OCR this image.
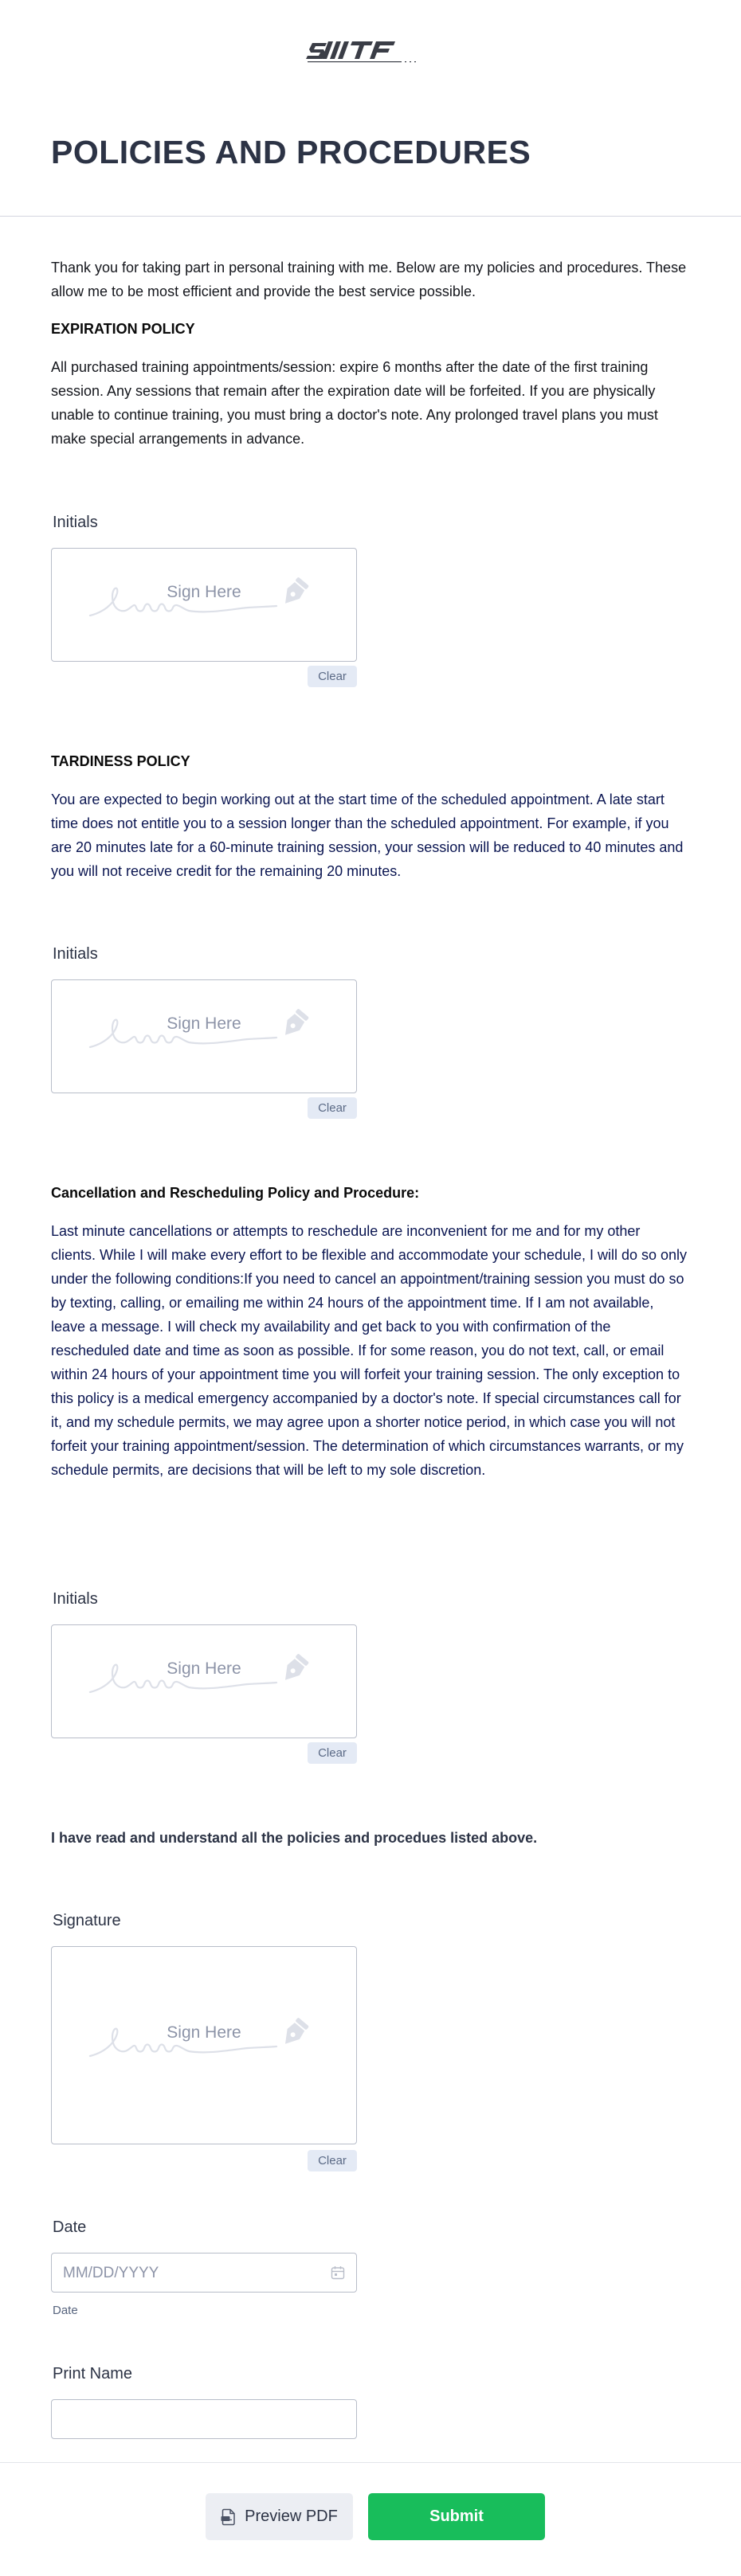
POLICIES AND PROCEDURES

Thank you for taking part in personal training with me. Below are my policies and procedures. These allow me to be most efficient and provide the best service possible.

EXPIRATION POLICY

All purchased training appointments/session: expire 6 months after the date of the first training session. Any sessions that remain after the expiration date will be forfeited. If you are physically unable to continue training, you must bring a doctor's note. Any prolonged travel plans you must make special arrangements in advance.

Initials
Sign Here
Clear
TARDINESS POLICY

You are expected to begin working out at the start time of the scheduled appointment. A late start time does not entitle you to a session longer than the scheduled appointment. For example, if you are 20 minutes late for a 60-minute training session, your session will be reduced to 40 minutes and you will not receive credit for the remaining 20 minutes.

Initials
Sign Here
Clear
Cancellation and Rescheduling Policy and Procedure:

Last minute cancellations or attempts to reschedule are inconvenient for me and for my other clients. While I will make every effort to be flexible and accommodate your schedule, I will do so only under the following conditions:If you need to cancel an appointment/training session you must do so by texting, calling, or emailing me within 24 hours of the appointment time. If I am not available, leave a message. I will check my availability and get back to you with confirmation of the rescheduled date and time as soon as possible. If for some reason, you do not text, call, or email within 24 hours of your appointment time you will forfeit your training session. The only exception to this policy is a medical emergency accompanied by a doctor's note. If special circumstances call for it, and my schedule permits, we may agree upon a shorter notice period, in which case you will not forfeit your training appointment/session. The determination of which circumstances warrants, or my schedule permits, are decisions that will be left to my sole discretion.

Initials
Sign Here
Clear
I have read and understand all the policies and procedues listed above.
Signature
Sign Here
Clear
Date
MM/DD/YYYY
Date
Print Name
Preview PDF	Submit
